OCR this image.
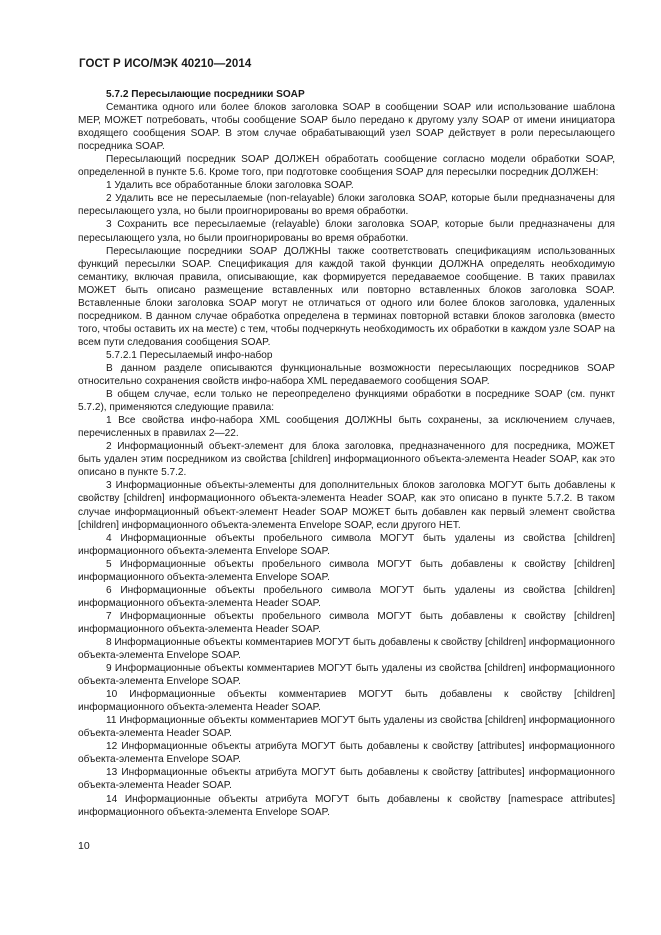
ГОСТ Р ИСО/МЭК 40210—2014

5.7.2 Пересылающие посредники SOAP

Семантика одного или более блоков заголовка SOAP в сообщении SOAP или использование шаблона МЕР, МОЖЕТ потребовать, чтобы сообщение SOAP было передано к другому узлу SOAP от имени инициатора входящего сообщения SOAP. В этом случае обрабатывающий узел SOAP действует в роли пересылающего посредника SOAP.

Пересылающий посредник SOAP ДОЛЖЕН обработать сообщение согласно модели обработки SOAP, определенной в пункте 5.6. Кроме того, при подготовке сообщения SOAP для пересылки посредник ДОЛЖЕН:

1 Удалить все обработанные блоки заголовка SOAP.

2 Удалить все не пересылаемые (non-relayable) блоки заголовка SOAP, которые были предназначены для пересылающего узла, но были проигнорированы во время обработки.

3 Сохранить все пересылаемые (relayable) блоки заголовка SOAP, которые были предназначены для пересылающего узла, но были проигнорированы во время обработки.

Пересылающие посредники SOAP ДОЛЖНЫ также соответствовать спецификациям использованных функций пересылки SOAP. Спецификация для каждой такой функции ДОЛЖНА определять необходимую семантику, включая правила, описывающие, как формируется передаваемое сообщение. В таких правилах МОЖЕТ быть описано размещение вставленных или повторно вставленных блоков заголовка SOAP. Вставленные блоки заголовка SOAP могут не отличаться от одного или более блоков заголовка, удаленных посредником. В данном случае обработка определена в терминах повторной вставки блоков заголовка (вместо того, чтобы оставить их на месте) с тем, чтобы подчеркнуть необходимость их обработки в каждом узле SOAP на всем пути следования сообщения SOAP.

5.7.2.1 Пересылаемый инфо-набор

В данном разделе описываются функциональные возможности пересылающих посредников SOAP относительно сохранения свойств инфо-набора XML передаваемого сообщения SOAP.

В общем случае, если только не переопределено функциями обработки в посреднике SOAP (см. пункт 5.7.2), применяются следующие правила:

1 Все свойства инфо-набора XML сообщения ДОЛЖНЫ быть сохранены, за исключением случаев, перечисленных в правилах 2—22.

2 Информационный объект-элемент для блока заголовка, предназначенного для посредника, МОЖЕТ быть удален этим посредником из свойства [children] информационного объекта-элемента Header SOAP, как это описано в пункте 5.7.2.

3 Информационные объекты-элементы для дополнительных блоков заголовка МОГУТ быть добавлены к свойству [children] информационного объекта-элемента Header SOAP, как это описано в пункте 5.7.2. В таком случае информационный объект-элемент Header SOAP МОЖЕТ быть добавлен как первый элемент свойства [children] информационного объекта-элемента Envelope SOAP, если другого НЕТ.

4 Информационные объекты пробельного символа МОГУТ быть удалены из свойства [children] информационного объекта-элемента Envelope SOAP.

5 Информационные объекты пробельного символа МОГУТ быть добавлены к свойству [children] информационного объекта-элемента Envelope SOAP.

6 Информационные объекты пробельного символа МОГУТ быть удалены из свойства [children] информационного объекта-элемента Header SOAP.

7 Информационные объекты пробельного символа МОГУТ быть добавлены к свойству [children] информационного объекта-элемента Header SOAP.

8 Информационные объекты комментариев МОГУТ быть добавлены к свойству [children] информационного объекта-элемента Envelope SOAP.

9 Информационные объекты комментариев МОГУТ быть удалены из свойства [children] информационного объекта-элемента Envelope SOAP.

10 Информационные объекты комментариев МОГУТ быть добавлены к свойству [children] информационного объекта-элемента Header SOAP.

11 Информационные объекты комментариев МОГУТ быть удалены из свойства [children] информационного объекта-элемента Header SOAP.

12 Информационные объекты атрибута МОГУТ быть добавлены к свойству [attributes] информационного объекта-элемента Envelope SOAP.

13 Информационные объекты атрибута МОГУТ быть добавлены к свойству [attributes] информационного объекта-элемента Header SOAP.

14 Информационные объекты атрибута МОГУТ быть добавлены к свойству [namespace attributes] информационного объекта-элемента Envelope SOAP.

10
